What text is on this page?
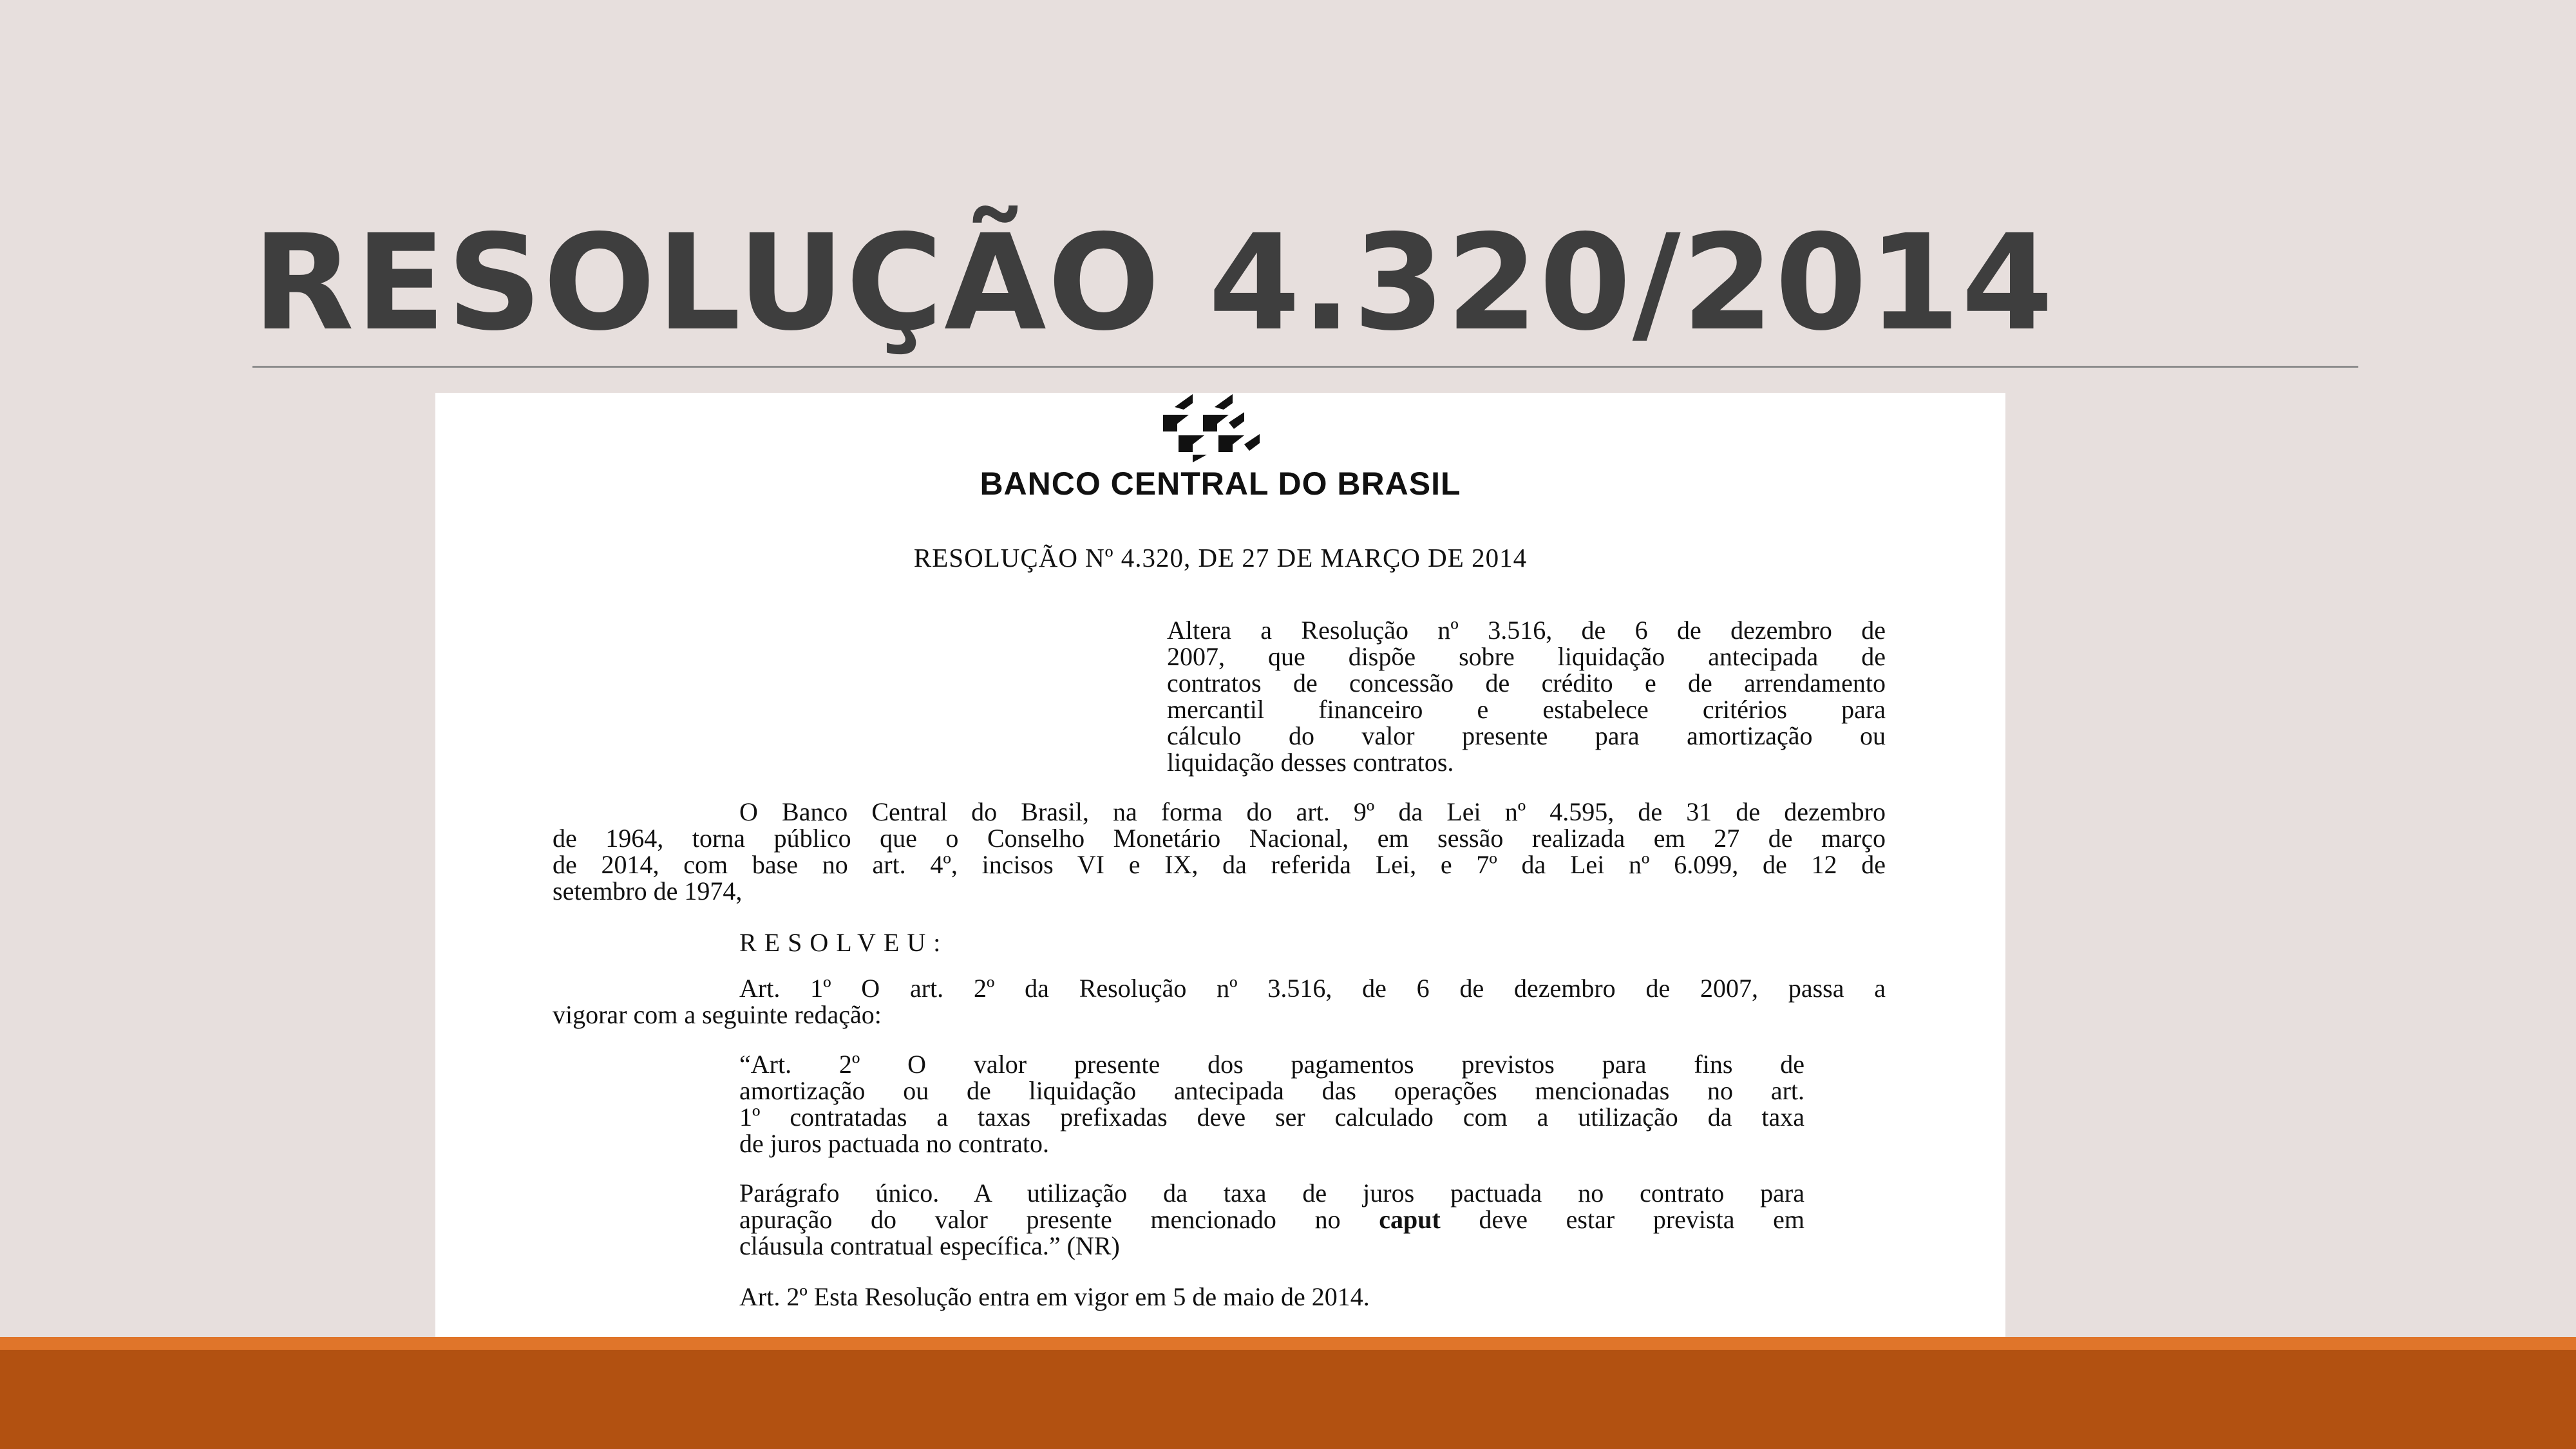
RESOLUÇÃO 4.320/2014
BANCO CENTRAL DO BRASIL
RESOLUÇÃO Nº 4.320, DE 27 DE MARÇO DE 2014
Altera a Resolução nº 3.516, de 6 de dezembro de
2007, que dispõe sobre liquidação antecipada de
contratos de concessão de crédito e de arrendamento
mercantil financeiro e estabelece critérios para
cálculo do valor presente para amortização ou
liquidação desses contratos.
O Banco Central do Brasil, na forma do art. 9º da Lei nº 4.595, de 31 de dezembro
de 1964, torna público que o Conselho Monetário Nacional, em sessão realizada em 27 de março
de 2014, com base no art. 4º, incisos VI e IX, da referida Lei, e 7º da Lei nº 6.099, de 12 de
setembro de 1974,
RESOLVEU:
Art. 1º O art. 2º da Resolução nº 3.516, de 6 de dezembro de 2007, passa a
vigorar com a seguinte redação:
“Art. 2º O valor presente dos pagamentos previstos para fins de
amortização ou de liquidação antecipada das operações mencionadas no art.
1º contratadas a taxas prefixadas deve ser calculado com a utilização da taxa
de juros pactuada no contrato.
Parágrafo único. A utilização da taxa de juros pactuada no contrato para
apuração do valor presente mencionado no caput deve estar prevista em
cláusula contratual específica.” (NR)
Art. 2º Esta Resolução entra em vigor em 5 de maio de 2014.
